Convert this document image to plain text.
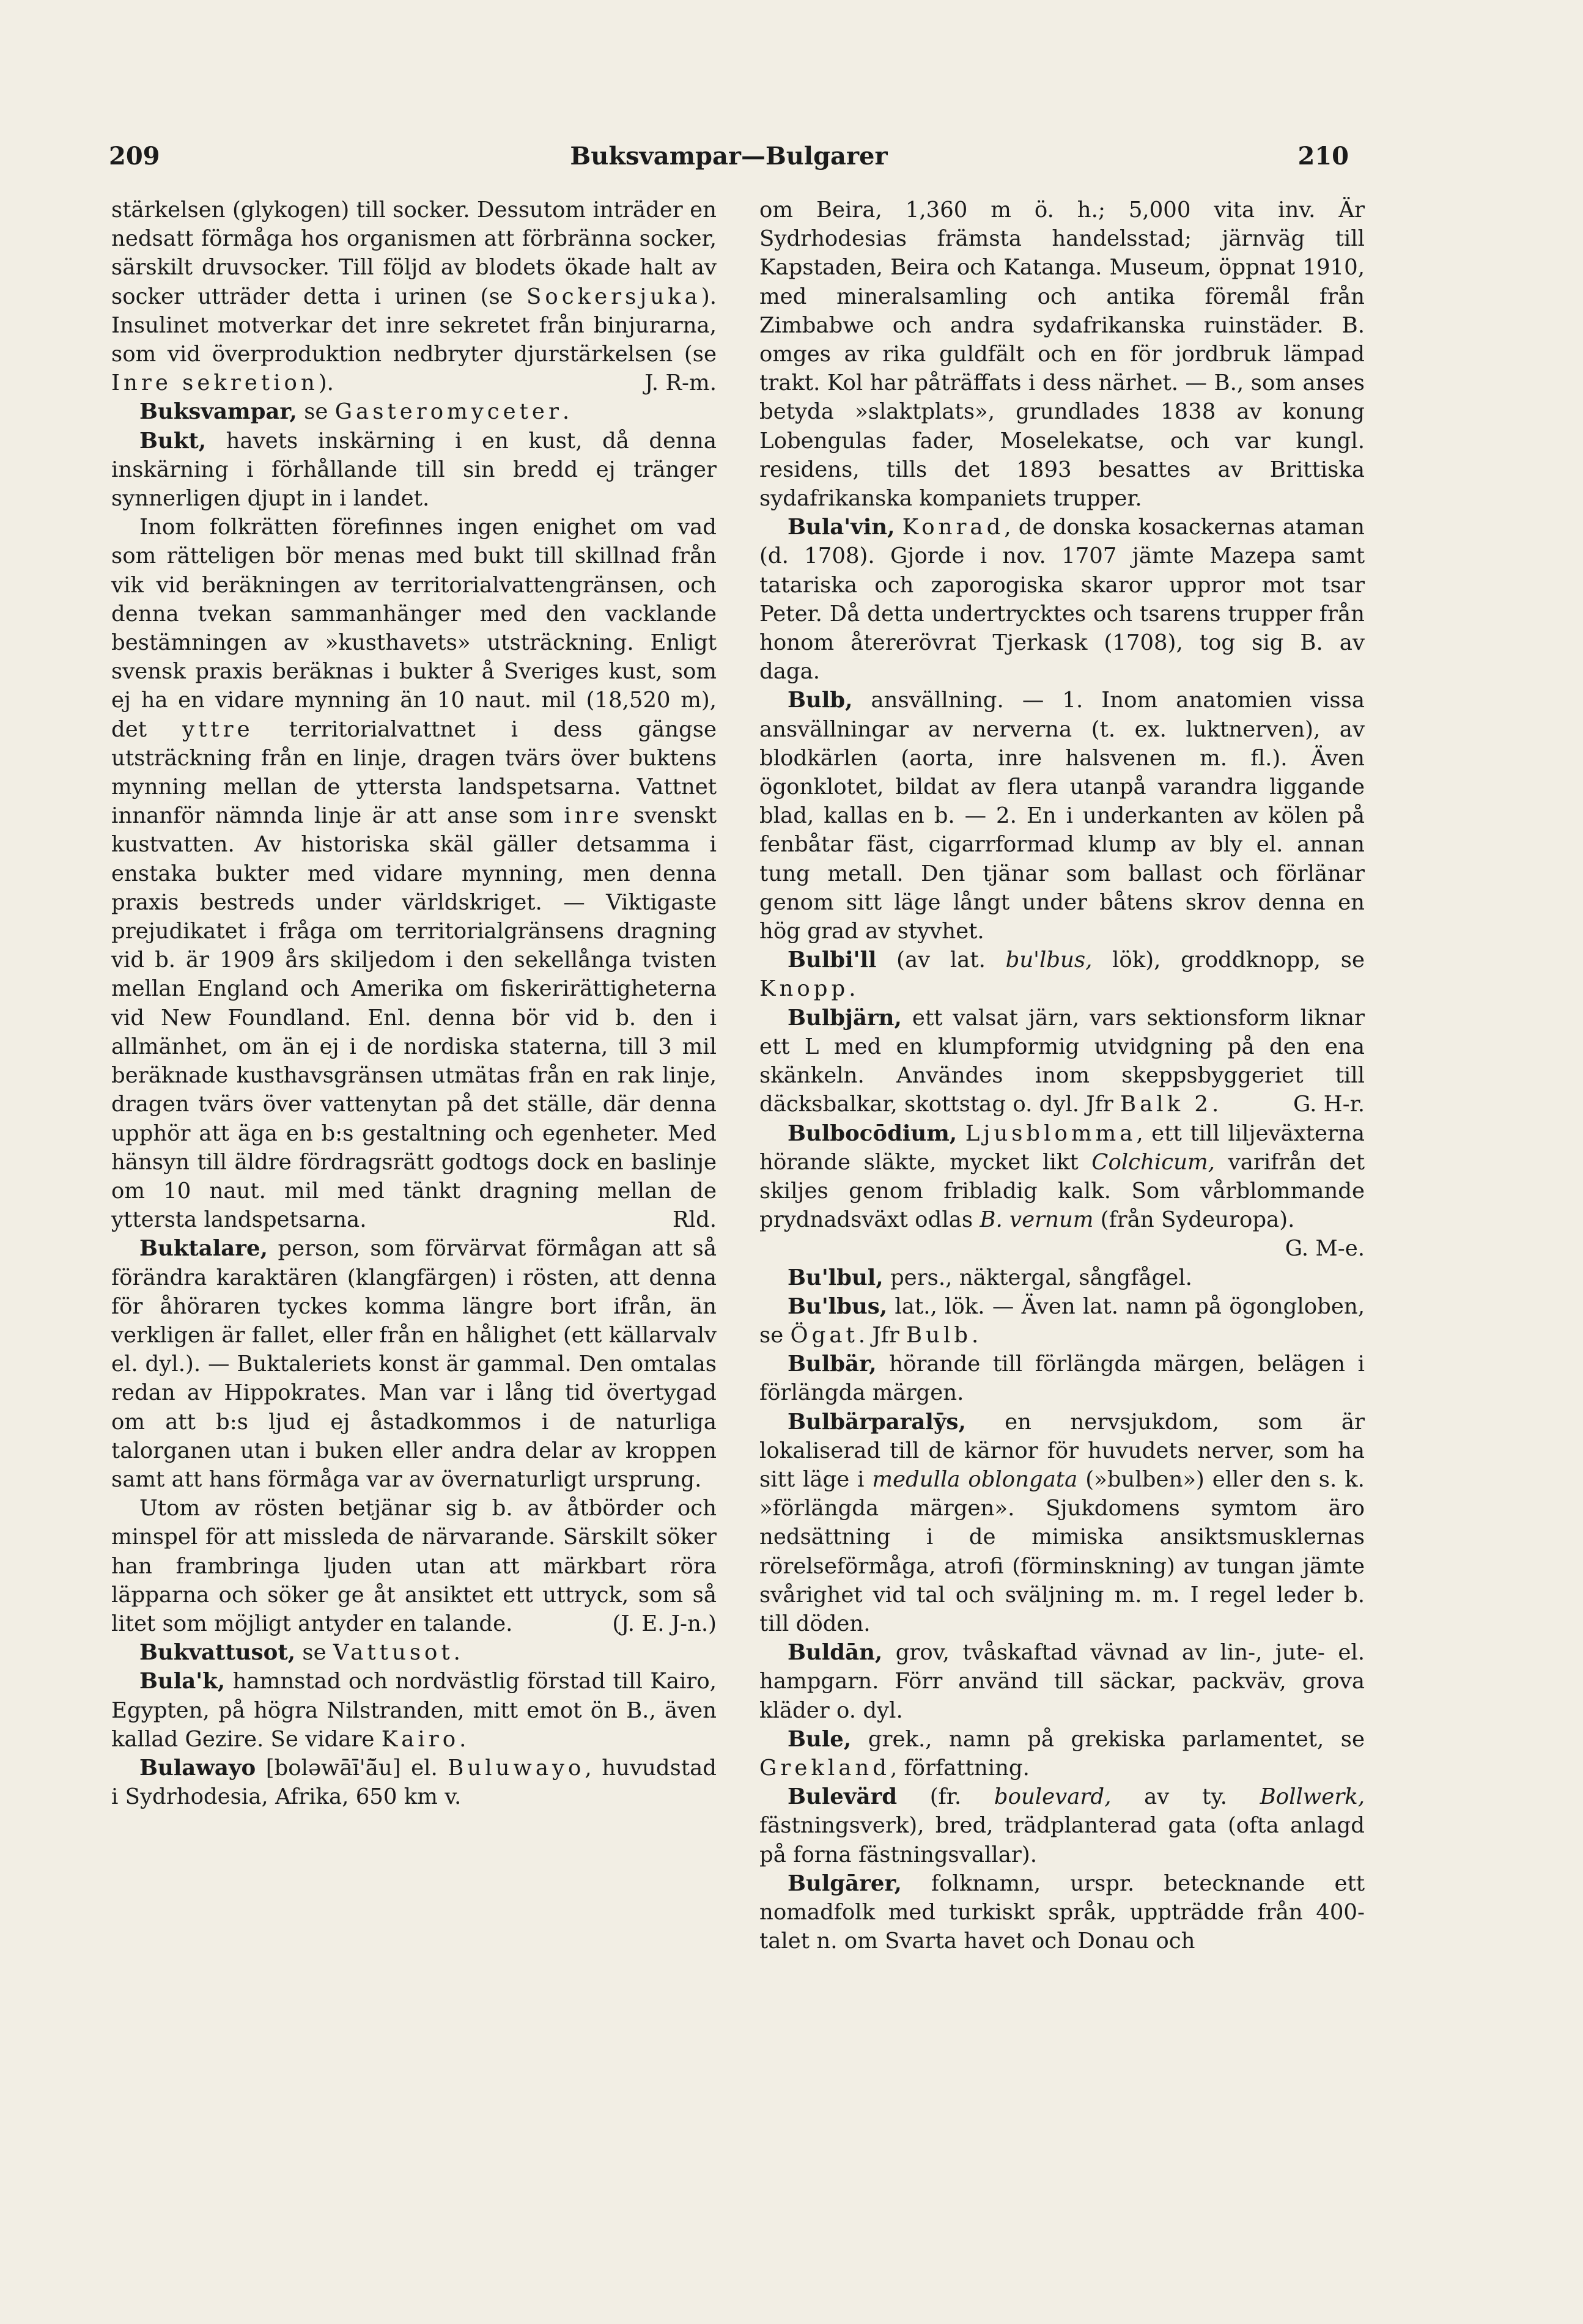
209	Buksvampar—Bulgarer	210

stärkelsen (glykogen) till socker. Dessutom inträder en nedsatt förmåga hos organismen att förbränna socker, särskilt druvsocker. Till följd av blodets ökade halt av socker utträder detta i urinen (se Sockersjuka). Insulinet motverkar det inre sekretet från binjurarna, som vid överproduktion nedbryter djurstärkelsen (se Inre sekretion).	J. R-m.

Buksvampar, se Gasteromyceter.

Bukt, havets inskärning i en kust, då denna inskärning i förhållande till sin bredd ej tränger synnerligen djupt in i landet.

Inom folkrätten förefinnes ingen enighet om vad som rätteligen bör menas med bukt till skillnad från vik vid beräkningen av territorialvattengränsen, och denna tvekan sammanhänger med den vacklande bestämningen av »kusthavets» utsträckning. Enligt svensk praxis beräknas i bukter å Sveriges kust, som ej ha en vidare mynning än 10 naut. mil (18,520 m), det yttre territorialvattnet i dess gängse utsträckning från en linje, dragen tvärs över buktens mynning mellan de yttersta landspetsarna. Vattnet innanför nämnda linje är att anse som inre svenskt kustvatten. Av historiska skäl gäller detsamma i enstaka bukter med vidare mynning, men denna praxis bestreds under världskriget. — Viktigaste prejudikatet i fråga om territorialgränsens dragning vid b. är 1909 års skiljedom i den sekellånga tvisten mellan England och Amerika om fiskerirättigheterna vid New Foundland. Enl. denna bör vid b. den i allmänhet, om än ej i de nordiska staterna, till 3 mil beräknade kusthavsgränsen utmätas från en rak linje, dragen tvärs över vattenytan på det ställe, där denna upphör att äga en b:s gestaltning och egenheter. Med hänsyn till äldre fördragsrätt godtogs dock en baslinje om 10 naut. mil med tänkt dragning mellan de yttersta landspetsarna.	Rld.

Buktalare, person, som förvärvat förmågan att så förändra karaktären (klangfärgen) i rösten, att denna för åhöraren tyckes komma längre bort ifrån, än verkligen är fallet, eller från en hålighet (ett källarvalv el. dyl.). — Buktaleriets konst är gammal. Den omtalas redan av Hippokrates. Man var i lång tid övertygad om att b:s ljud ej åstadkommos i de naturliga talorganen utan i buken eller andra delar av kroppen samt att hans förmåga var av övernaturligt ursprung.

Utom av rösten betjänar sig b. av åtbörder och minspel för att missleda de närvarande. Särskilt söker han frambringa ljuden utan att märkbart röra läpparna och söker ge åt ansiktet ett uttryck, som så litet som möjligt antyder en talande.	(J. E. J-n.)

Bukvattusot, se Vattusot.

Bula'k, hamnstad och nordvästlig förstad till Kairo, Egypten, på högra Nilstranden, mitt emot ön B., även kallad Gezire. Se vidare Kairo.

Bulawayo [boləwāī'ā̆u] el. Buluwayo, huvudstad i Sydrhodesia, Afrika, 650 km v.

om Beira, 1,360 m ö. h.; 5,000 vita inv. Är Sydrhodesias främsta handelsstad; järnväg till Kapstaden, Beira och Katanga. Museum, öppnat 1910, med mineralsamling och antika föremål från Zimbabwe och andra sydafrikanska ruinstäder. B. omges av rika guldfält och en för jordbruk lämpad trakt. Kol har påträffats i dess närhet. — B., som anses betyda »slaktplats», grundlades 1838 av konung Lobengulas fader, Moselekatse, och var kungl. residens, tills det 1893 besattes av Brittiska sydafrikanska kompaniets trupper.

Bula'vin, Konrad, de donska kosackernas ataman (d. 1708). Gjorde i nov. 1707 jämte Mazepa samt tatariska och zaporogiska skaror uppror mot tsar Peter. Då detta undertrycktes och tsarens trupper från honom återerövrat Tjerkask (1708), tog sig B. av daga.

Bulb, ansvällning. — 1. Inom anatomien vissa ansvällningar av nerverna (t. ex. luktnerven), av blodkärlen (aorta, inre halsvenen m. fl.). Även ögonklotet, bildat av flera utanpå varandra liggande blad, kallas en b. — 2. En i underkanten av kölen på fenbåtar fäst, cigarrformad klump av bly el. annan tung metall. Den tjänar som ballast och förlänar genom sitt läge långt under båtens skrov denna en hög grad av styvhet.

Bulbi'll (av lat. bu'lbus, lök), groddknopp, se Knopp.

Bulbjärn, ett valsat järn, vars sektionsform liknar ett L med en klumpformig utvidgning på den ena skänkeln. Användes inom skeppsbyggeriet till däcksbalkar, skottstag o. dyl. Jfr Balk 2.	G. H-r.

Bulbocōdium, Ljusblomma, ett till liljeväxterna hörande släkte, mycket likt Colchicum, varifrån det skiljes genom fribladig kalk. Som vårblommande prydnadsväxt odlas B. vernum (från Sydeuropa).
G. M-e.

Bu'lbul, pers., näktergal, sångfågel.

Bu'lbus, lat., lök. — Även lat. namn på ögongloben, se Ögat. Jfr Bulb.

Bulbär, hörande till förlängda märgen, belägen i förlängda märgen.

Bulbärparalȳs, en nervsjukdom, som är lokaliserad till de kärnor för huvudets nerver, som ha sitt läge i medulla oblongata (»bulben») eller den s. k. »förlängda märgen». Sjukdomens symtom äro nedsättning i de mimiska ansiktsmusklernas rörelseförmåga, atrofi (förminskning) av tungan jämte svårighet vid tal och sväljning m. m. I regel leder b. till döden.

Buldān, grov, tvåskaftad vävnad av lin-, jute- el. hampgarn. Förr använd till säckar, packväv, grova kläder o. dyl.

Bule, grek., namn på grekiska parlamentet, se Grekland, författning.

Bulevärd (fr. boulevard, av ty. Bollwerk, fästningsverk), bred, trädplanterad gata (ofta anlagd på forna fästningsvallar).

Bulgārer, folknamn, urspr. betecknande ett nomadfolk med turkiskt språk, uppträdde från 400-talet n. om Svarta havet och Donau och
